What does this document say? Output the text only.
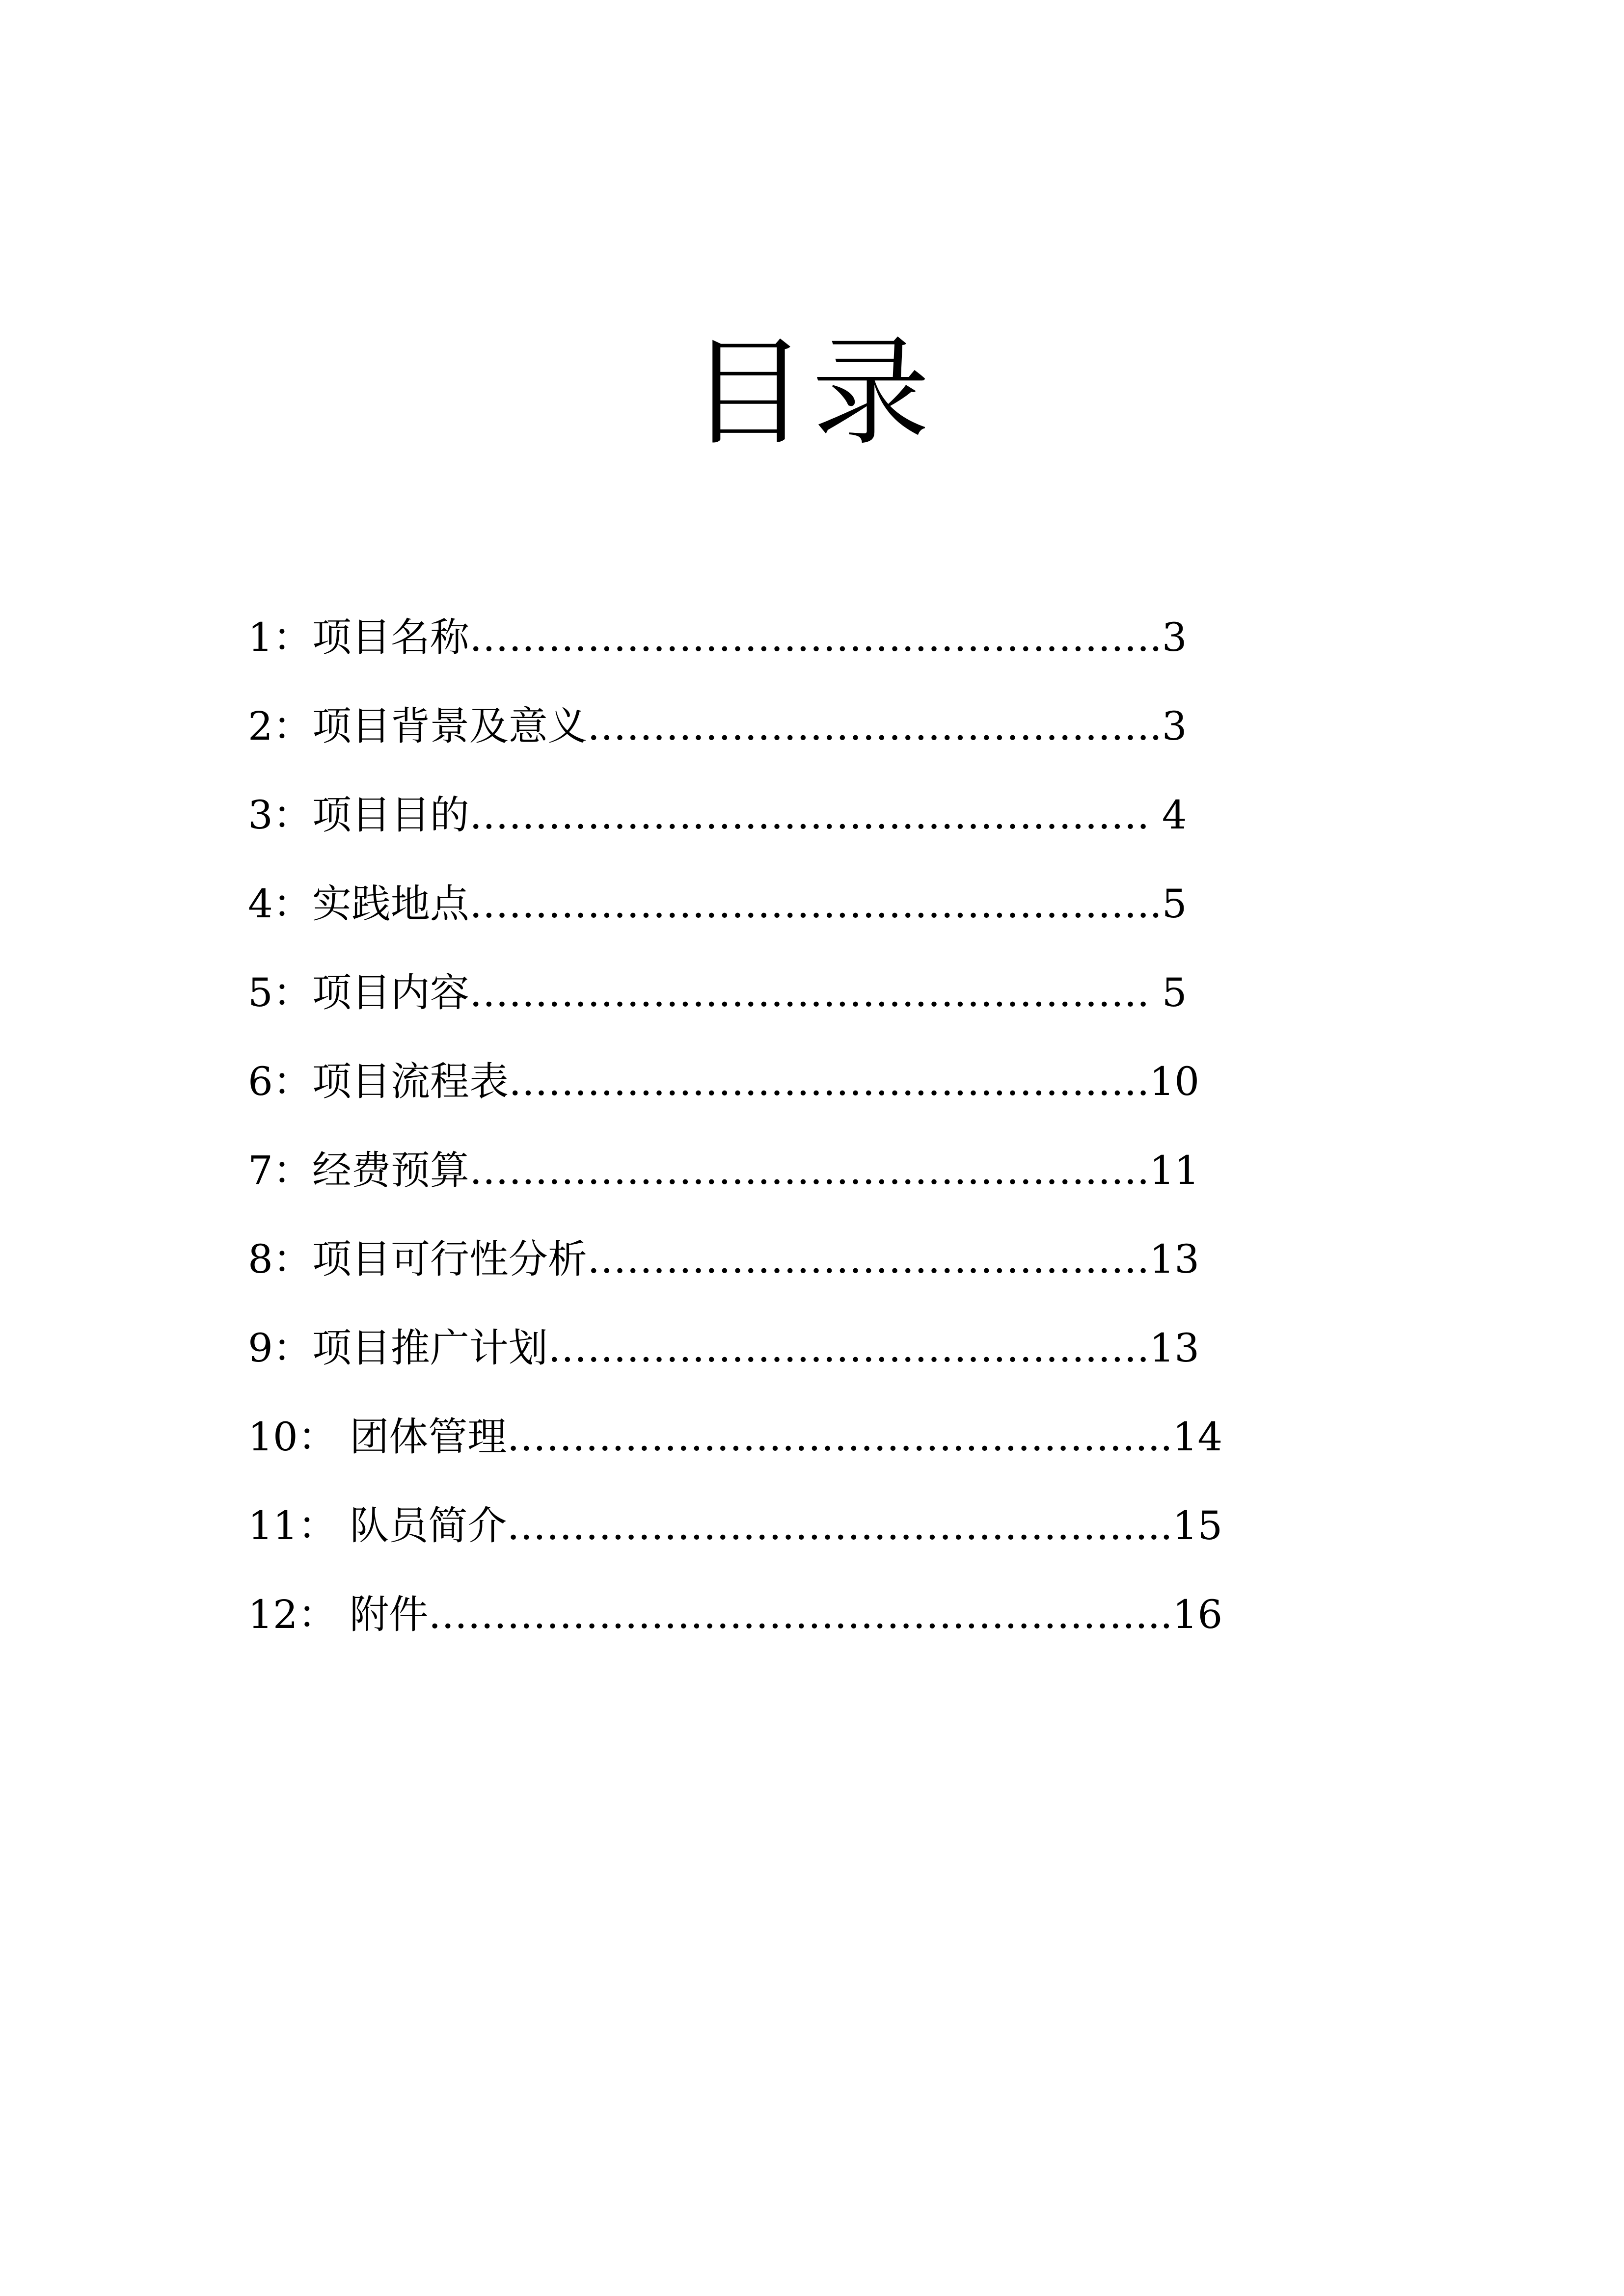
目录
1：项目名称……………………………………………..3
2：项目背景及意义……………………………………..3
3：项目目的……………………………………………. 4
4：实践地点……………………………………………..5
5：项目内容……………………………………………. 5
6：项目流程表………………………………………….10
7：经费预算…………………………………………….11
8：项目可行性分析…………………………………….13
9：项目推广计划……………………………………….13
10： 团体管理…………………………………………...14
11： 队员简介…………………………………………...15
12： 附件………………………………………………...16
